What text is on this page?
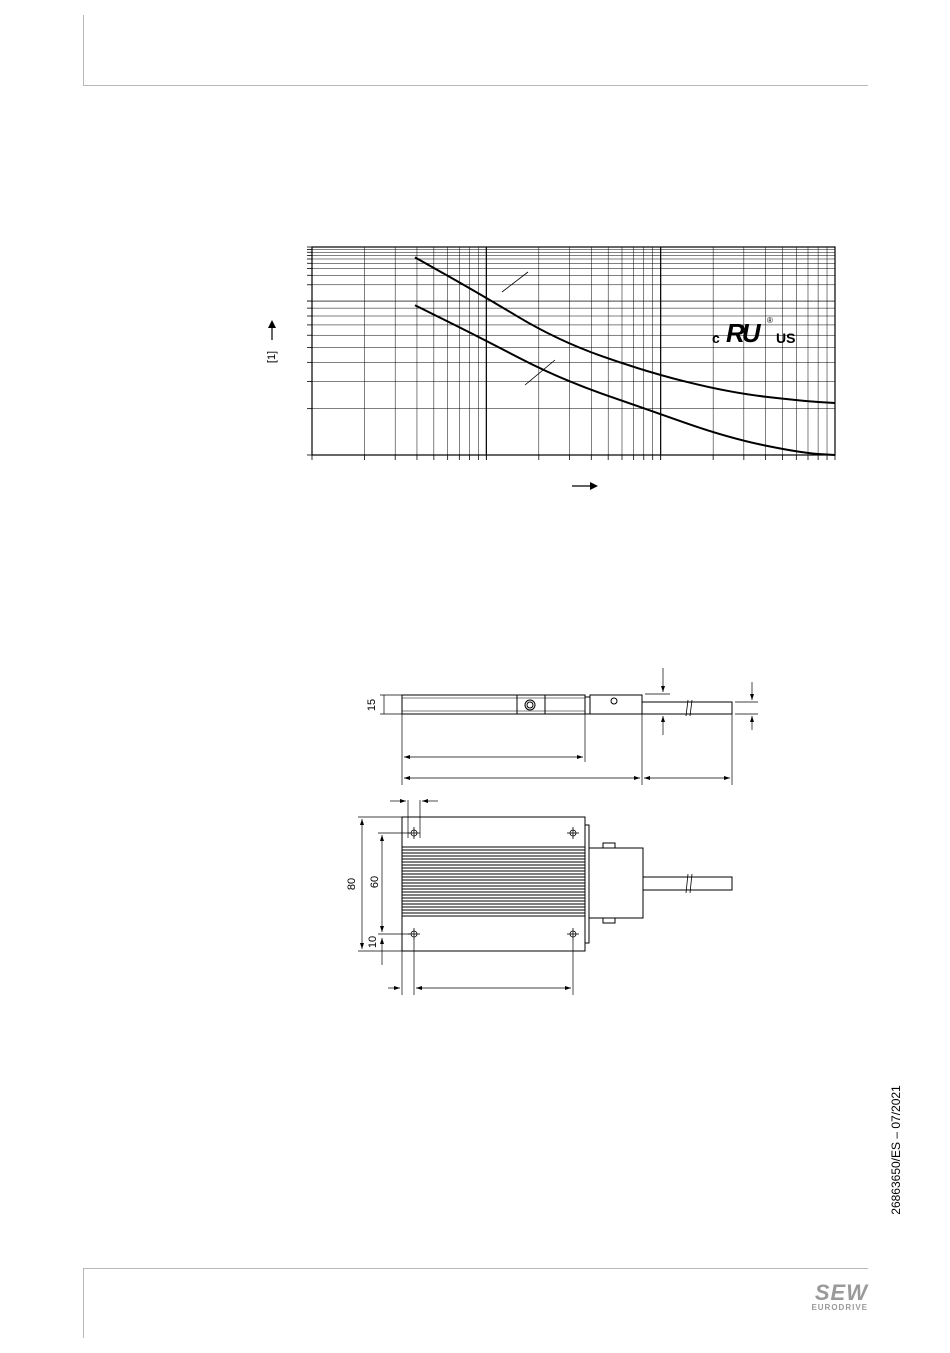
[1]
c RU ®
US
15
80 60
10
26863650/ES – 07/2021
SEW
EURODRIVE
